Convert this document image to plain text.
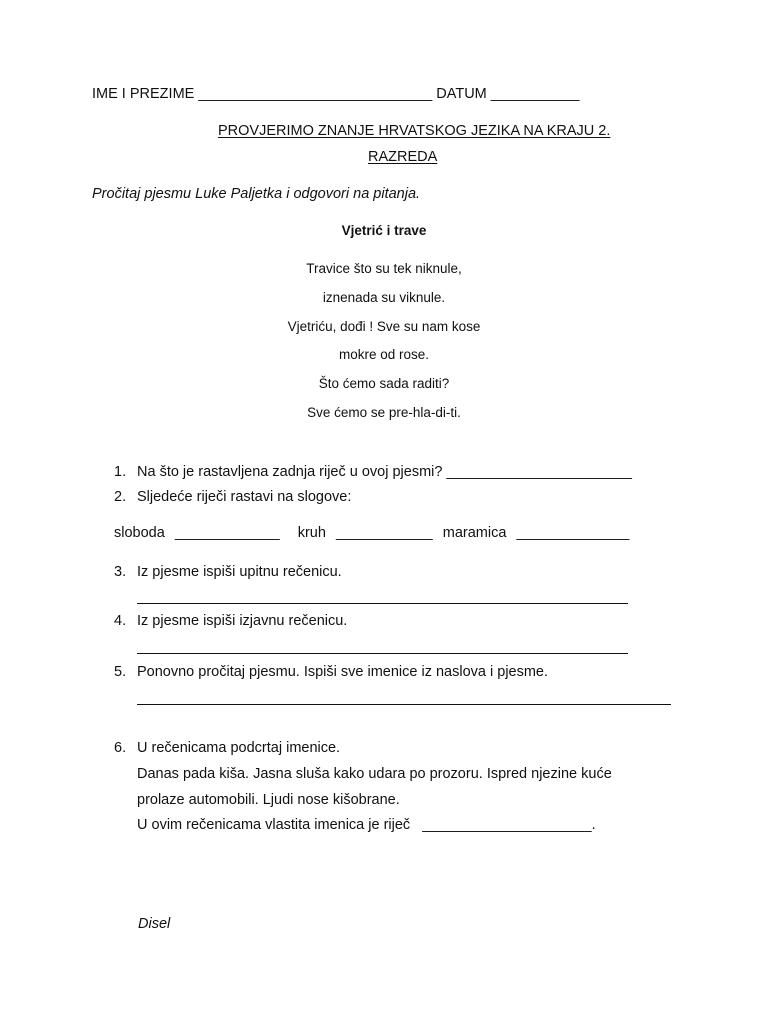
IME I PREZIME _____________________________ DATUM ___________
PROVJERIMO ZNANJE HRVATSKOG JEZIKA NA KRAJU 2.
RAZREDA
Pročitaj pjesmu Luke Paljetka i odgovori na pitanja.
Vjetrić i trave
Travice što su tek niknule,
iznenada su viknule.
Vjetriću, dođi ! Sve su nam kose
mokre od rose.
Što ćemo sada raditi?
Sve ćemo se pre-hla-di-ti.
1. Na što je rastavljena zadnja riječ u ovoj pjesmi? _______________________
2. Sljedeće riječi rastavi na slogove:
sloboda _____________ kruh ____________ maramica ______________
3. Iz pjesme ispiši upitnu rečenicu.
4. Iz pjesme ispiši izjavnu rečenicu.
5. Ponovno pročitaj pjesmu. Ispiši sve imenice iz naslova i pjesme.
6. U rečenicama podcrtaj imenice.
Danas pada kiša. Jasna sluša kako udara po prozoru. Ispred njezine kuće
prolaze automobili. Ljudi nose kišobrane.
U ovim rečenicama vlastita imenica je riječ _____________________.
Disel
